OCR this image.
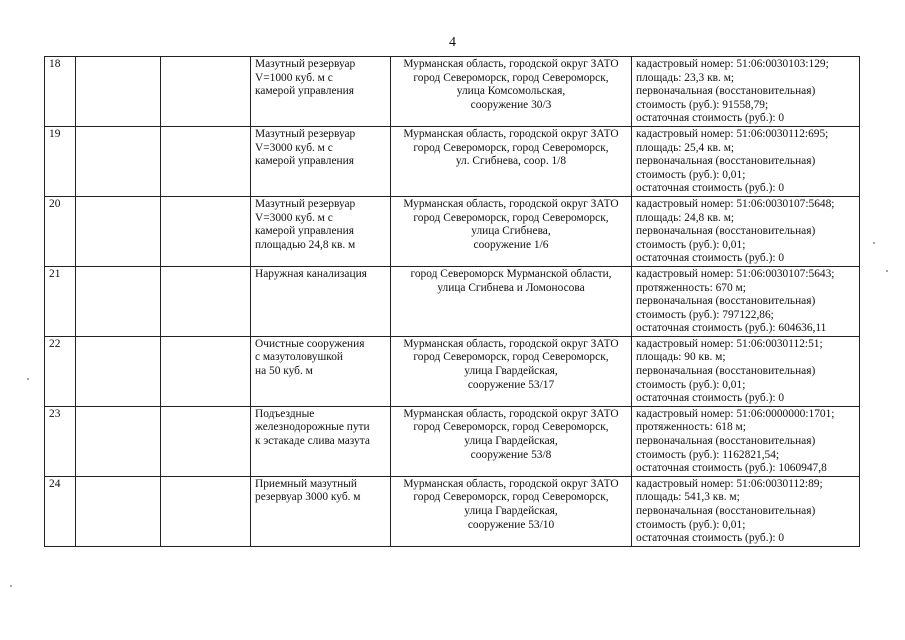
4
18			Мазутный резервуар
V=1000 куб. м с
камерой управления	Мурманская область, городской округ ЗАТО
город Североморск, город Североморск,
улица Комсомольская,
сооружение 30/3	кадастровый номер: 51:06:0030103:129;
площадь: 23,3 кв. м;
первоначальная (восстановительная)
стоимость (руб.): 91558,79;
остаточная стоимость (руб.): 0

19			Мазутный резервуар
V=3000 куб. м с
камерой управления	Мурманская область, городской округ ЗАТО
город Североморск, город Североморск,
ул. Сгибнева, соор. 1/8	кадастровый номер: 51:06:0030112:695;
площадь: 25,4 кв. м;
первоначальная (восстановительная)
стоимость (руб.): 0,01;
остаточная стоимость (руб.): 0

20			Мазутный резервуар
V=3000 куб. м с
камерой управления
площадью 24,8 кв. м	Мурманская область, городской округ ЗАТО
город Североморск, город Североморск,
улица Сгибнева,
сооружение 1/6	кадастровый номер: 51:06:0030107:5648;
площадь: 24,8 кв. м;
первоначальная (восстановительная)
стоимость (руб.): 0,01;
остаточная стоимость (руб.): 0

21			Наружная канализация	город Североморск Мурманской области,
улица Сгибнева и Ломоносова	кадастровый номер: 51:06:0030107:5643;
протяженность: 670 м;
первоначальная (восстановительная)
стоимость (руб.): 797122,86;
остаточная стоимость (руб.): 604636,11

22			Очистные сооружения
с мазутоловушкой
на 50 куб. м	Мурманская область, городской округ ЗАТО
город Североморск, город Североморск,
улица Гвардейская,
сооружение 53/17	кадастровый номер: 51:06:0030112:51;
площадь: 90 кв. м;
первоначальная (восстановительная)
стоимость (руб.): 0,01;
остаточная стоимость (руб.): 0

23			Подъездные
железнодорожные пути
к эстакаде слива мазута	Мурманская область, городской округ ЗАТО
город Североморск, город Североморск,
улица Гвардейская,
сооружение 53/8	кадастровый номер: 51:06:0000000:1701;
протяженность: 618 м;
первоначальная (восстановительная)
стоимость (руб.): 1162821,54;
остаточная стоимость (руб.): 1060947,8

24			Приемный мазутный
резервуар 3000 куб. м	Мурманская область, городской округ ЗАТО
город Североморск, город Североморск,
улица Гвардейская,
сооружение 53/10	кадастровый номер: 51:06:0030112:89;
площадь: 541,3 кв. м;
первоначальная (восстановительная)
стоимость (руб.): 0,01;
остаточная стоимость (руб.): 0
